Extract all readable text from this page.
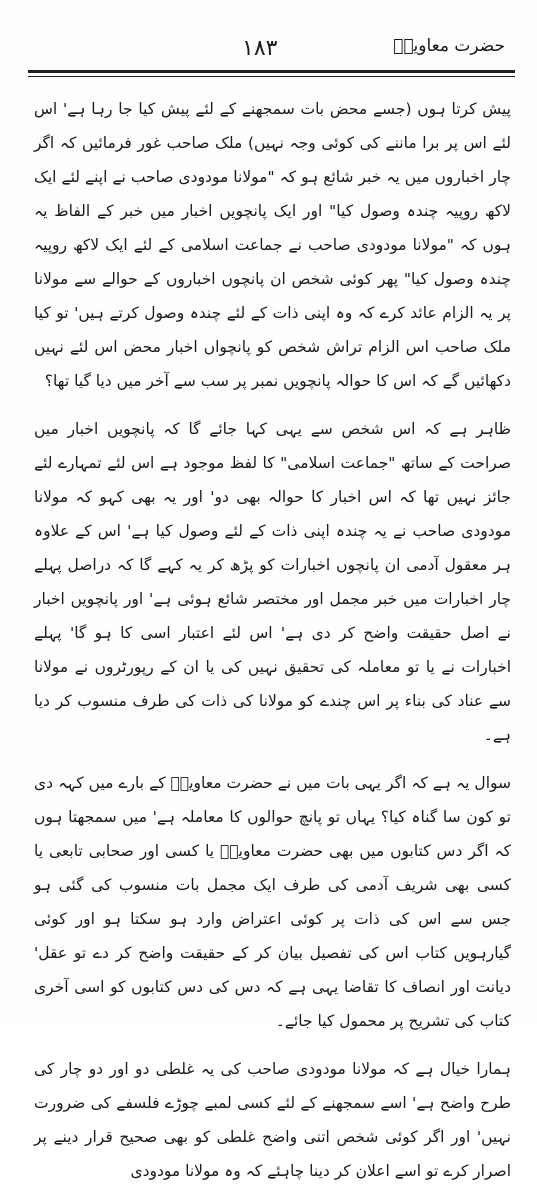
۱۸۳	حضرت معاویہؓ

پیش کرتا ہوں (جسے محض بات سمجھنے کے لئے پیش کیا جا رہا ہے' اس لئے اس پر برا ماننے کی کوئی وجہ نہیں) ملک صاحب غور فرمائیں کہ اگر چار اخباروں میں یہ خبر شائع ہو کہ "مولانا مودودی صاحب نے اپنے لئے ایک لاکھ روپیہ چندہ وصول کیا" اور ایک پانچویں اخبار میں خبر کے الفاظ یہ ہوں کہ "مولانا مودودی صاحب نے جماعت اسلامی کے لئے ایک لاکھ روپیہ چندہ وصول کیا" پھر کوئی شخص ان پانچوں اخباروں کے حوالے سے مولانا پر یہ الزام عائد کرے کہ وہ اپنی ذات کے لئے چندہ وصول کرتے ہیں' تو کیا ملک صاحب اس الزام تراش شخص کو پانچواں اخبار محض اس لئے نہیں دکھائیں گے کہ اس کا حوالہ پانچویں نمبر پر سب سے آخر میں دیا گیا تھا؟

ظاہر ہے کہ اس شخص سے یہی کہا جائے گا کہ پانچویں اخبار میں صراحت کے ساتھ "جماعت اسلامی" کا لفظ موجود ہے اس لئے تمہارے لئے جائز نہیں تھا کہ اس اخبار کا حوالہ بھی دو' اور یہ بھی کہو کہ مولانا مودودی صاحب نے یہ چندہ اپنی ذات کے لئے وصول کیا ہے' اس کے علاوہ ہر معقول آدمی ان پانچوں اخبارات کو پڑھ کر یہ کہے گا کہ دراصل پہلے چار اخبارات میں خبر مجمل اور مختصر شائع ہوئی ہے' اور پانچویں اخبار نے اصل حقیقت واضح کر دی ہے' اس لئے اعتبار اسی کا ہو گا' پہلے اخبارات نے یا تو معاملہ کی تحقیق نہیں کی یا ان کے رپورٹروں نے مولانا سے عناد کی بناء پر اس چندے کو مولانا کی ذات کی طرف منسوب کر دیا ہے۔

سوال یہ ہے کہ اگر یہی بات میں نے حضرت معاویہؓ کے بارے میں کہہ دی تو کون سا گناہ کیا؟ یہاں تو پانچ حوالوں کا معاملہ ہے' میں سمجھتا ہوں کہ اگر دس کتابوں میں بھی حضرت معاویہؓ یا کسی اور صحابی تابعی یا کسی بھی شریف آدمی کی طرف ایک مجمل بات منسوب کی گئی ہو جس سے اس کی ذات پر کوئی اعتراض وارد ہو سکتا ہو اور کوئی گیارہویں کتاب اس کی تفصیل بیان کر کے حقیقت واضح کر دے تو عقل' دیانت اور انصاف کا تقاضا یہی ہے کہ دس کی دس کتابوں کو اسی آخری کتاب کی تشریح پر محمول کیا جائے۔

ہمارا خیال ہے کہ مولانا مودودی صاحب کی یہ غلطی دو اور دو چار کی طرح واضح ہے' اسے سمجھنے کے لئے کسی لمبے چوڑے فلسفے کی ضرورت نہیں' اور اگر کوئی شخص اتنی واضح غلطی کو بھی صحیح قرار دینے پر اصرار کرے تو اسے اعلان کر دینا چاہئے کہ وہ مولانا مودودی
